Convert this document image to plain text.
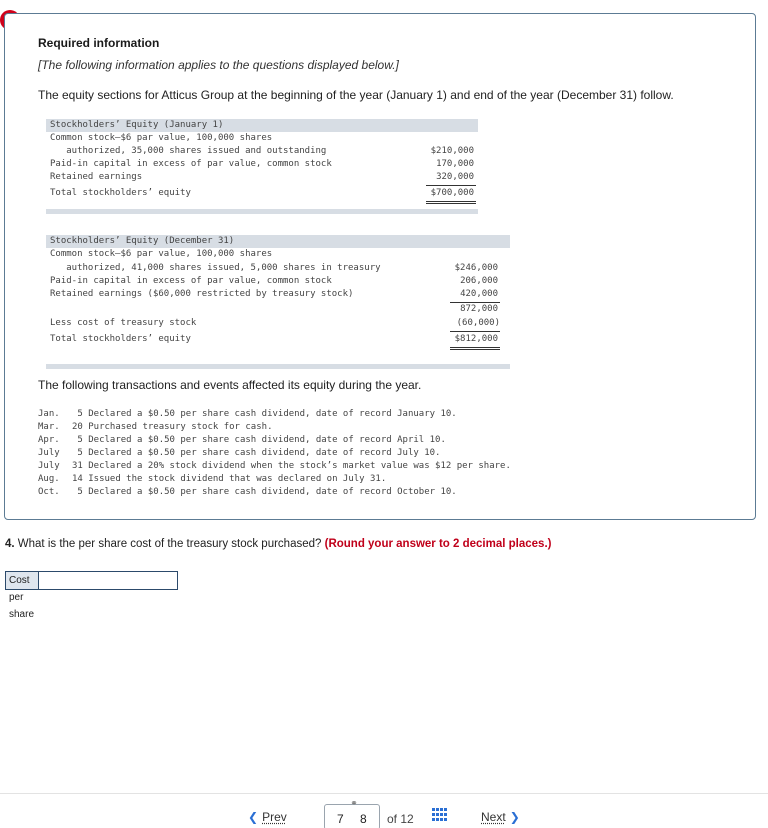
Required information
[The following information applies to the questions displayed below.]
The equity sections for Atticus Group at the beginning of the year (January 1) and end of the year (December 31) follow.
Stockholders’ Equity (January 1)
Common stock—$6 par value, 100,000 shares
authorized, 35,000 shares issued and outstanding	$210,000
Paid-in capital in excess of par value, common stock	170,000
Retained earnings	320,000
Total stockholders’ equity	$700,000
Stockholders’ Equity (December 31)
Common stock—$6 par value, 100,000 shares
authorized, 41,000 shares issued, 5,000 shares in treasury	$246,000
Paid-in capital in excess of par value, common stock	206,000
Retained earnings ($60,000 restricted by treasury stock)	420,000
872,000
Less cost of treasury stock	(60,000)
Total stockholders’ equity	$812,000
The following transactions and events affected its equity during the year.
Jan. 5 Declared a $0.50 per share cash dividend, date of record January 10.
Mar. 20 Purchased treasury stock for cash.
Apr. 5 Declared a $0.50 per share cash dividend, date of record April 10.
July 5 Declared a $0.50 per share cash dividend, date of record July 10.
July 31 Declared a 20% stock dividend when the stock’s market value was $12 per share.
Aug. 14 Issued the stock dividend that was declared on July 31.
Oct. 5 Declared a $0.50 per share cash dividend, date of record October 10.
4. What is the per share cost of the treasury stock purchased? (Round your answer to 2 decimal places.)
Cost per share
❮ Prev
⚭
7 8 of 12	Next ❯
